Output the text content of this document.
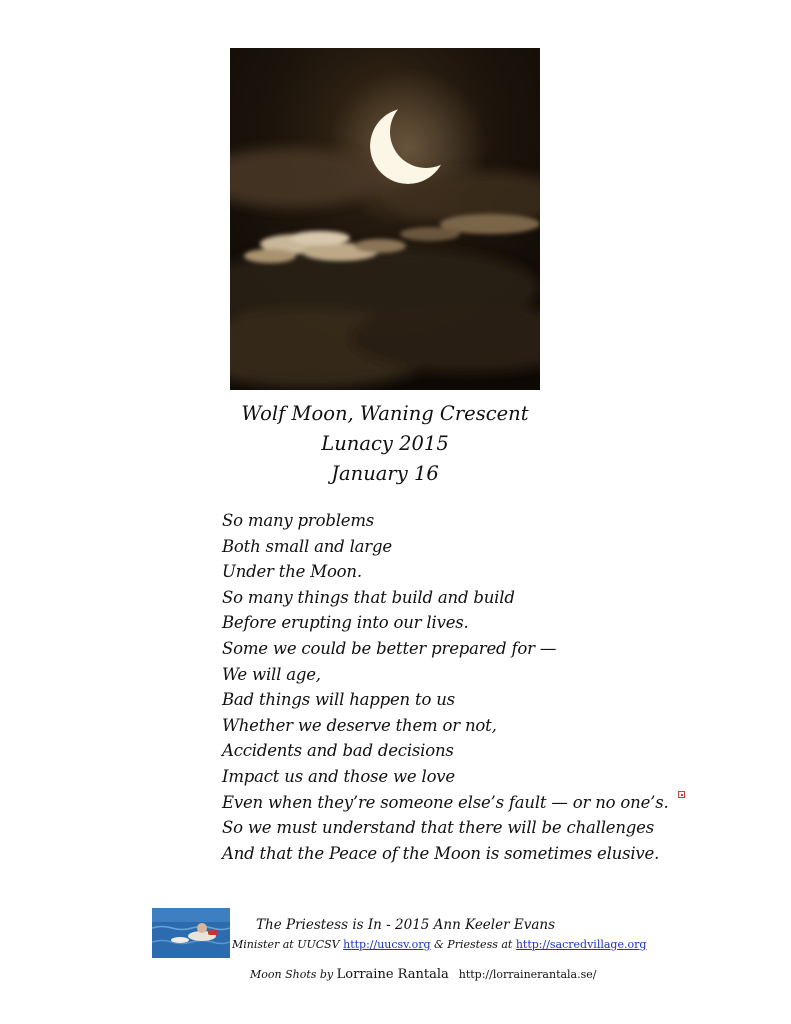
Wolf Moon, Waning Crescent
Lunacy 2015
January 16
So many problems
Both small and large
Under the Moon.
So many things that build and build
Before erupting into our lives.
Some we could be better prepared for —
We will age,
Bad things will happen to us
Whether we deserve them or not,
Accidents and bad decisions
Impact us and those we love
Even when they’re someone else’s fault — or no one’s.
So we must understand that there will be challenges
And that the Peace of the Moon is sometimes elusive.
The Priestess is In - 2015 Ann Keeler Evans
Minister at UUCSV http://uucsv.org & Priestess at http://sacredvillage.org
Moon Shots by Lorraine Rantala http://lorrainerantala.se/
